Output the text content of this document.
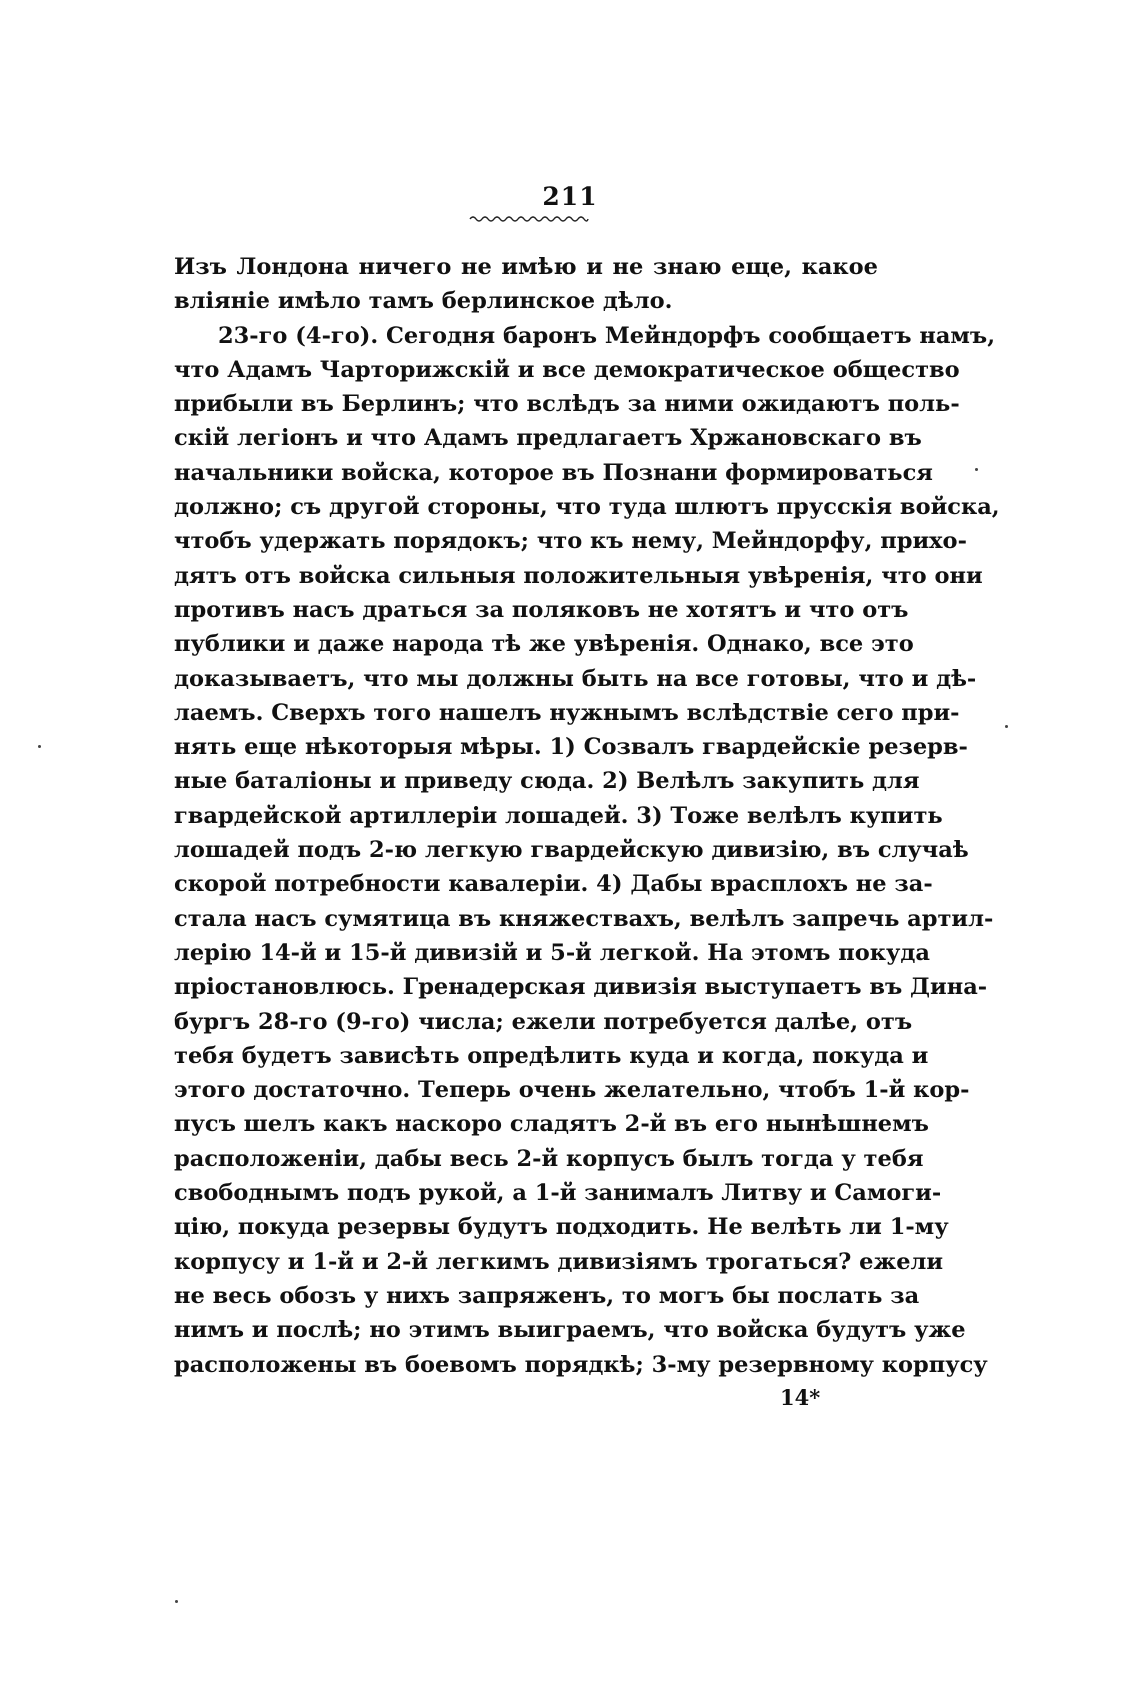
211
Изъ Лондона ничего не имѣю и не знаю еще, какое
вліяніе имѣло тамъ берлинское дѣло.
23-го (4-го). Сегодня баронъ Мейндорфъ сообщаетъ намъ,
что Адамъ Чарторижскій и все демократическое общество
прибыли въ Берлинъ; что вслѣдъ за ними ожидаютъ поль-
скій легіонъ и что Адамъ предлагаетъ Хржановскаго въ
начальники войска, которое въ Познани формироваться
должно; съ другой стороны, что туда шлютъ прусскія войска,
чтобъ удержать порядокъ; что къ нему, Мейндорфу, прихо-
дятъ отъ войска сильныя положительныя увѣренія, что они
противъ насъ драться за поляковъ не хотятъ и что отъ
публики и даже народа тѣ же увѣренія. Однако, все это
доказываетъ, что мы должны быть на все готовы, что и дѣ-
лаемъ. Сверхъ того нашелъ нужнымъ вслѣдствіе сего при-
нять еще нѣкоторыя мѣры. 1) Созвалъ гвардейскіе резерв-
ные баталіоны и приведу сюда. 2) Велѣлъ закупить для
гвардейской артиллеріи лошадей. 3) Тоже велѣлъ купить
лошадей подъ 2-ю легкую гвардейскую дивизію, въ случаѣ
скорой потребности кавалеріи. 4) Дабы врасплохъ не за-
стала насъ сумятица въ княжествахъ, велѣлъ запречь артил-
лерію 14-й и 15-й дивизій и 5-й легкой. На этомъ покуда
пріостановлюсь. Гренадерская дивизія выступаетъ въ Дина-
бургъ 28-го (9-го) числа; ежели потребуется далѣе, отъ
тебя будетъ зависѣть опредѣлить куда и когда, покуда и
этого достаточно. Теперь очень желательно, чтобъ 1-й кор-
пусъ шелъ какъ наскоро сладятъ 2-й въ его нынѣшнемъ
расположеніи, дабы весь 2-й корпусъ былъ тогда у тебя
свободнымъ подъ рукой, а 1-й занималъ Литву и Самоги-
цію, покуда резервы будутъ подходить. Не велѣть ли 1-му
корпусу и 1-й и 2-й легкимъ дивизіямъ трогаться? ежели
не весь обозъ у нихъ запряженъ, то могъ бы послать за
нимъ и послѣ; но этимъ выиграемъ, что войска будутъ уже
расположены въ боевомъ порядкѣ; 3-му резервному корпусу
14*
